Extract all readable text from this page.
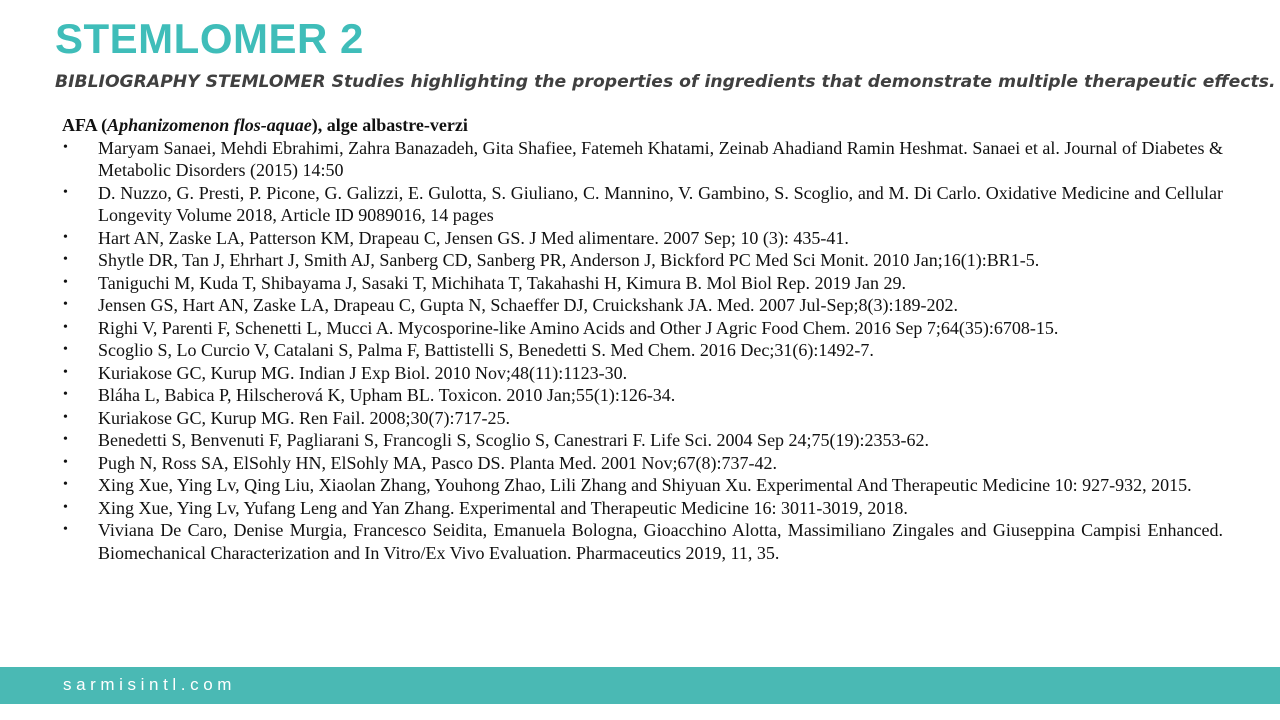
STEMLOMER 2
BIBLIOGRAPHY STEMLOMER Studies highlighting the properties of ingredients that demonstrate multiple therapeutic effects.
AFA (Aphanizomenon flos-aquae), alge albastre-verzi
• Maryam Sanaei, Mehdi Ebrahimi, Zahra Banazadeh, Gita Shafiee, Fatemeh Khatami, Zeinab Ahadiand Ramin Heshmat. Sanaei et al. Journal of Diabetes & Metabolic Disorders (2015) 14:50
• D. Nuzzo, G. Presti, P. Picone, G. Galizzi, E. Gulotta, S. Giuliano, C. Mannino, V. Gambino, S. Scoglio, and M. Di Carlo. Oxidative Medicine and Cellular Longevity Volume 2018, Article ID 9089016, 14 pages
• Hart AN, Zaske LA, Patterson KM, Drapeau C, Jensen GS. J Med alimentare. 2007 Sep; 10 (3): 435-41.
• Shytle DR, Tan J, Ehrhart J, Smith AJ, Sanberg CD, Sanberg PR, Anderson J, Bickford PC Med Sci Monit. 2010 Jan;16(1):BR1-5.
• Taniguchi M, Kuda T, Shibayama J, Sasaki T, Michihata T, Takahashi H, Kimura B. Mol Biol Rep. 2019 Jan 29.
• Jensen GS, Hart AN, Zaske LA, Drapeau C, Gupta N, Schaeffer DJ, Cruickshank JA. Med. 2007 Jul-Sep;8(3):189-202.
• Righi V, Parenti F, Schenetti L, Mucci A. Mycosporine-like Amino Acids and Other J Agric Food Chem. 2016 Sep 7;64(35):6708-15.
• Scoglio S, Lo Curcio V, Catalani S, Palma F, Battistelli S, Benedetti S. Med Chem. 2016 Dec;31(6):1492-7.
• Kuriakose GC, Kurup MG. Indian J Exp Biol. 2010 Nov;48(11):1123-30.
• Bláha L, Babica P, Hilscherová K, Upham BL. Toxicon. 2010 Jan;55(1):126-34.
• Kuriakose GC, Kurup MG. Ren Fail. 2008;30(7):717-25.
• Benedetti S, Benvenuti F, Pagliarani S, Francogli S, Scoglio S, Canestrari F. Life Sci. 2004 Sep 24;75(19):2353-62.
• Pugh N, Ross SA, ElSohly HN, ElSohly MA, Pasco DS. Planta Med. 2001 Nov;67(8):737-42.
• Xing Xue, Ying Lv, Qing Liu, Xiaolan Zhang, Youhong Zhao, Lili Zhang and Shiyuan Xu. Experimental And Therapeutic Medicine 10: 927-932, 2015.
• Xing Xue, Ying Lv, Yufang Leng and Yan Zhang. Experimental and Therapeutic Medicine 16: 3011-3019, 2018.
• Viviana De Caro, Denise Murgia, Francesco Seidita, Emanuela Bologna, Gioacchino Alotta, Massimiliano Zingales and Giuseppina Campisi Enhanced. Biomechanical Characterization and In Vitro/Ex Vivo Evaluation. Pharmaceutics 2019, 11, 35.
sarmisintl.com
